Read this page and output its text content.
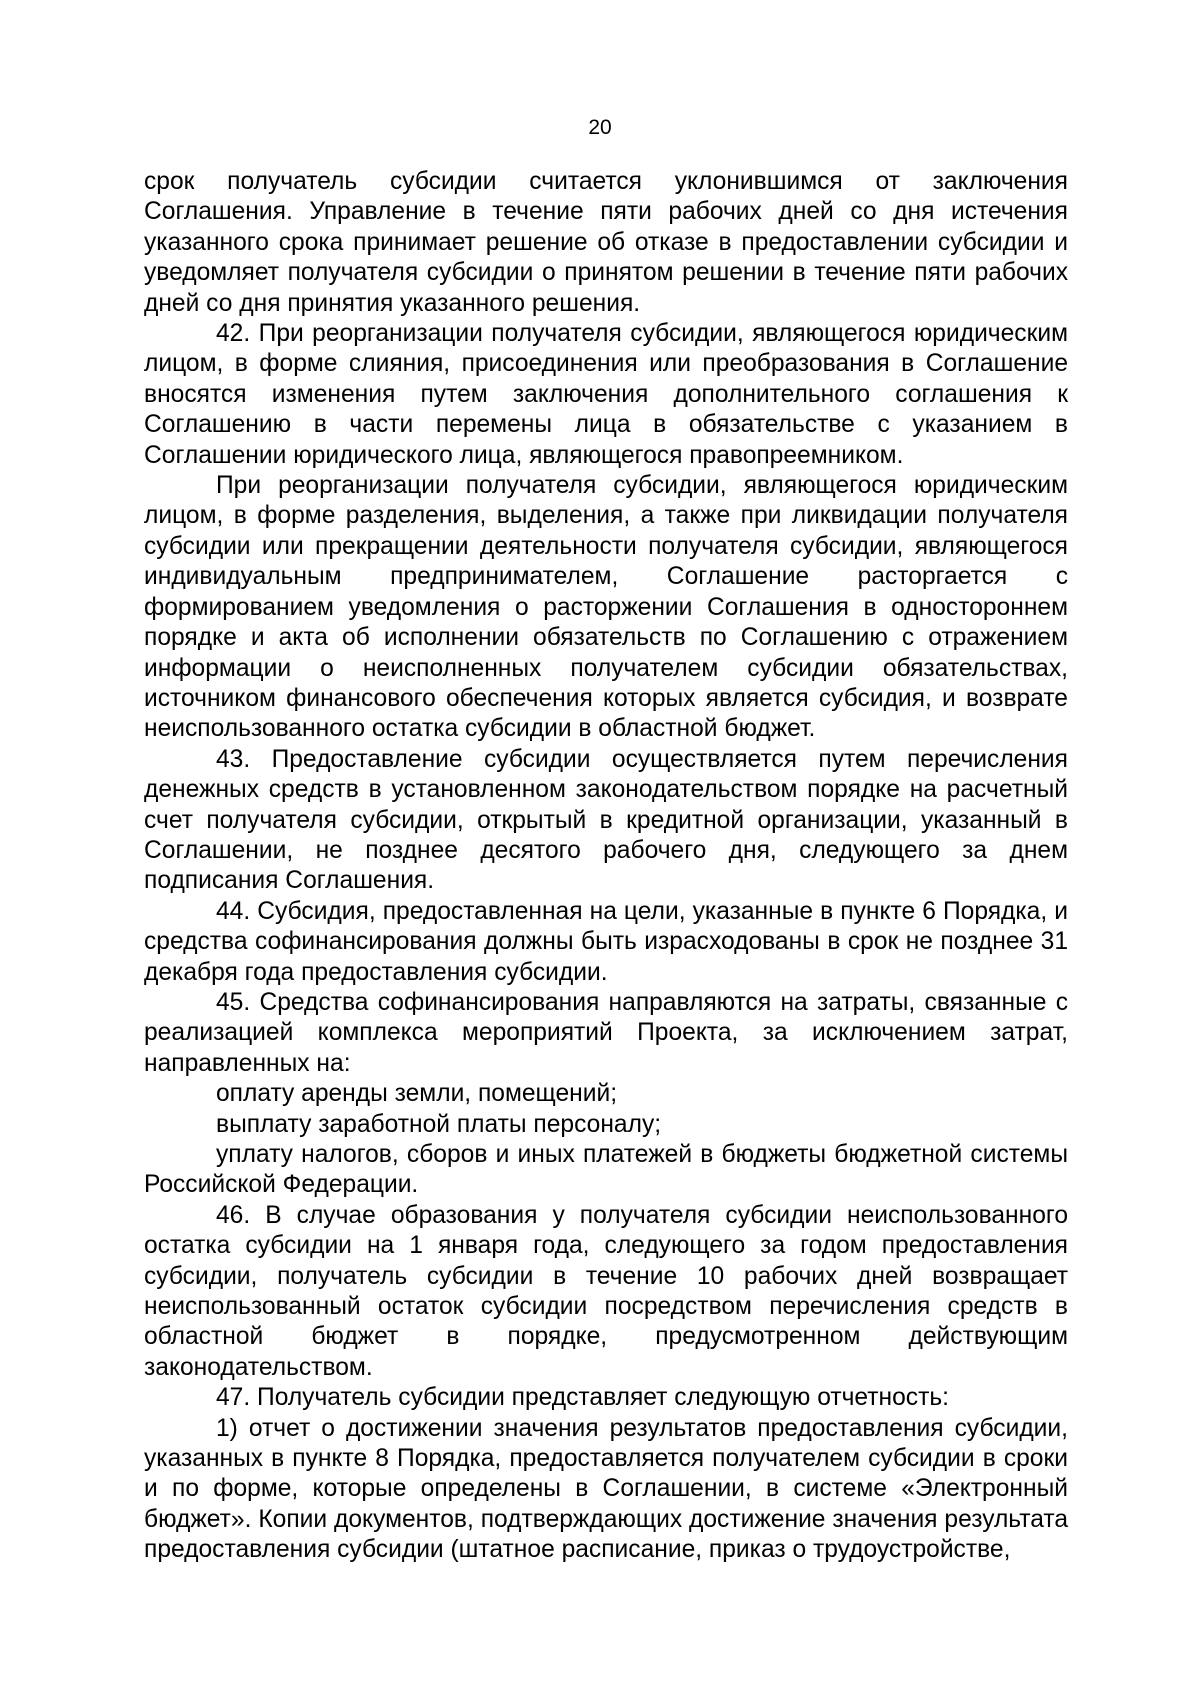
20

срок получатель субсидии считается уклонившимся от заключения Соглашения. Управление в течение пяти рабочих дней со дня истечения указанного срока принимает решение об отказе в предоставлении субсидии и уведомляет получателя субсидии о принятом решении в течение пяти рабочих дней со дня принятия указанного решения.

42. При реорганизации получателя субсидии, являющегося юридическим лицом, в форме слияния, присоединения или преобразования в Соглашение вносятся изменения путем заключения дополнительного соглашения к Соглашению в части перемены лица в обязательстве с указанием в Соглашении юридического лица, являющегося правопреемником.

При реорганизации получателя субсидии, являющегося юридическим лицом, в форме разделения, выделения, а также при ликвидации получателя субсидии или прекращении деятельности получателя субсидии, являющегося индивидуальным предпринимателем, Соглашение расторгается с формированием уведомления о расторжении Соглашения в одностороннем порядке и акта об исполнении обязательств по Соглашению с отражением информации о неисполненных получателем субсидии обязательствах, источником финансового обеспечения которых является субсидия, и возврате неиспользованного остатка субсидии в областной бюджет.

43. Предоставление субсидии осуществляется путем перечисления денежных средств в установленном законодательством порядке на расчетный счет получателя субсидии, открытый в кредитной организации, указанный в Соглашении, не позднее десятого рабочего дня, следующего за днем подписания Соглашения.

44. Субсидия, предоставленная на цели, указанные в пункте 6 Порядка, и средства софинансирования должны быть израсходованы в срок не позднее 31 декабря года предоставления субсидии.

45. Средства софинансирования направляются на затраты, связанные с реализацией комплекса мероприятий Проекта, за исключением затрат, направленных на:

оплату аренды земли, помещений;

выплату заработной платы персоналу;

уплату налогов, сборов и иных платежей в бюджеты бюджетной системы Российской Федерации.

46. В случае образования у получателя субсидии неиспользованного остатка субсидии на 1 января года, следующего за годом предоставления субсидии, получатель субсидии в течение 10 рабочих дней возвращает неиспользованный остаток субсидии посредством перечисления средств в областной бюджет в порядке, предусмотренном действующим законодательством.

47. Получатель субсидии представляет следующую отчетность:

1) отчет о достижении значения результатов предоставления субсидии, указанных в пункте 8 Порядка, предоставляется получателем субсидии в сроки и по форме, которые определены в Соглашении, в системе «Электронный бюджет». Копии документов, подтверждающих достижение значения результата предоставления субсидии (штатное расписание, приказ о трудоустройстве,
